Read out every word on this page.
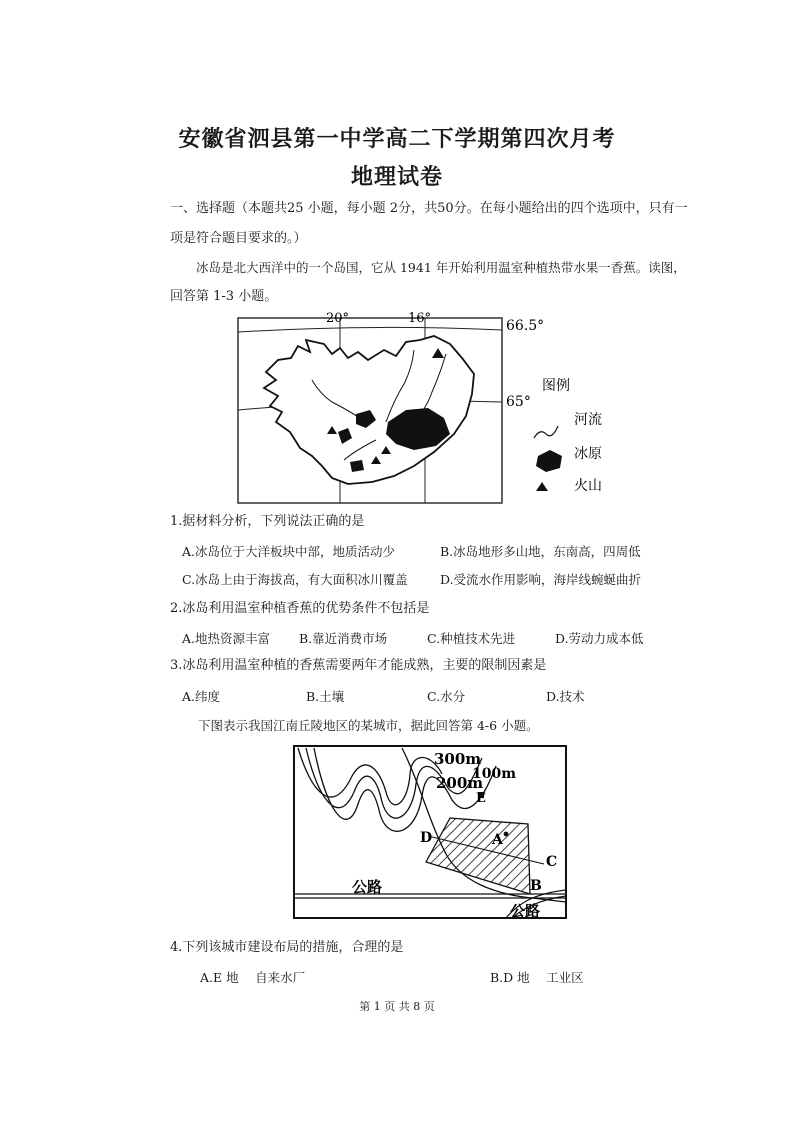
安徽省泗县第一中学高二下学期第四次月考
地理试卷
一、选择题（本题共25 小题，每小题 2分，共50分。在每小题给出的四个选项中，只有一
项是符合题目要求的。）
冰岛是北大西洋中的一个岛国，它从 1941 年开始利用温室种植热带水果一香蕉。读图，
回答第 1-3 小题。
20°	16°	66.5°
65°
图例
河流
冰原
火山
1.据材料分析，下列说法正确的是
A.冰岛位于大洋板块中部，地质活动少	B.冰岛地形多山地，东南高，四周低
C.冰岛上由于海拔高，有大面积冰川覆盖	D.受流水作用影响，海岸线蜿蜒曲折
2.冰岛利用温室种植香蕉的优势条件不包括是
A.地热资源丰富 B.靠近消费市场	C.种植技术先进	D.劳动力成本低
3.冰岛利用温室种植的香蕉需要两年才能成熟，主要的限制因素是
A.纬度	B.土壤	C.水分	D.技术
下图表示我国江南丘陵地区的某城市，据此回答第 4-6 小题。
300m
200m
100m
E
D	A
C
B
公路
公路
4.下列该城市建设布局的措施，合理的是
A.E 地　 自来水厂	B.D 地　 工业区
第 1 页 共 8 页
